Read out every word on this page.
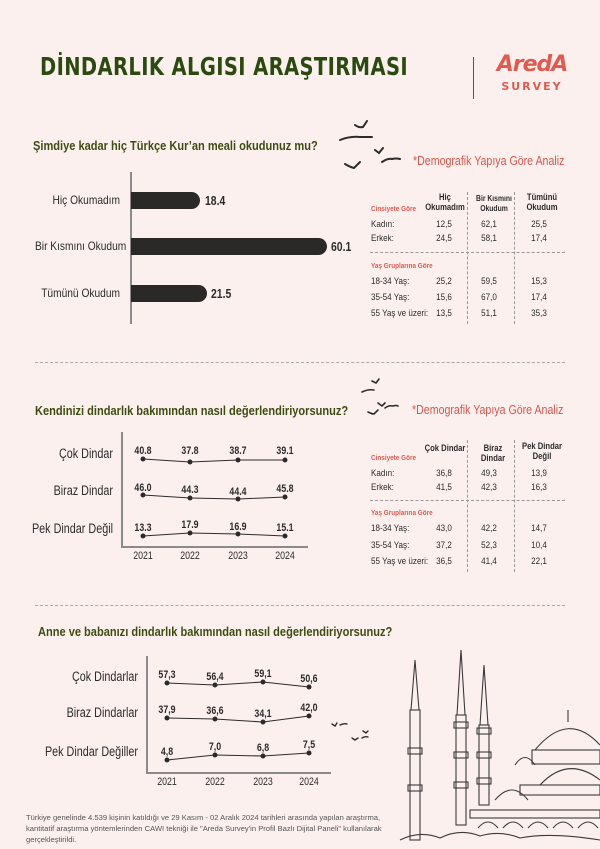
DİNDARLIK ALGISI ARAŞTIRMASI	AredA
SURVEY
Şimdiye kadar hiç Türkçe Kur’an meali okudunuz mu?
*Demografik Yapıya Göre Analiz
Hiç Okumadım	18.4
Bir Kısmını Okudum	60.1
Tümünü Okudum	21.5
Hiç Okumadım
Bir Kısmını Okudum
Tümünü Okudum
Cinsiyete Göre
Kadın:	12,5	62,1	25,5
Erkek:	24,5	58,1	17,4
Yaş Gruplarına Göre
18-34 Yaş:	25,2	59,5	15,3
35-54 Yaş:	15,6	67,0	17,4
55 Yaş ve üzeri: 13,5	51,1	35,3
Kendinizi dindarlık bakımından nasıl değerlendiriyorsunuz?	*Demografik Yapıya Göre Analiz
Çok Dindar
Biraz Dindar
Pek Dindar Değil
40.8	37.8	38.7	39.1
46.0	44.3	44.4	45.8
13.3	17.9	16.9	15.1
2021	2022	2023	2024
Çok Dindar	Biraz Dindar
Pek Dindar Değil
Cinsiyete Göre
Kadın:	36,8	49,3	13,9
Erkek:	41,5	42,3	16,3
Yaş Gruplarına Göre
18-34 Yaş:	43,0	42,2	14,7
35-54 Yaş:	37,2	52,3	10,4
55 Yaş ve üzeri: 36,5	41,4	22,1
Anne ve babanızı dindarlık bakımından nasıl değerlendiriyorsunuz?
Çok Dindarlar
Biraz Dindarlar
Pek Dindar Değiller
57,3	56,4	59,1	50,6
37,9	36,6	34,1	42,0
4,8	7,0	6,8	7,5
2021	2022	2023	2024
Türkiye genelinde 4.539 kişinin katıldığı ve 29 Kasım - 02 Aralık 2024 tarihleri arasında yapılan araştırma, kantitatif araştırma yöntemlerinden CAWI tekniği ile "Areda Survey'in Profil Bazlı Dijital Paneli" kullanılarak gerçekleştirildi.
